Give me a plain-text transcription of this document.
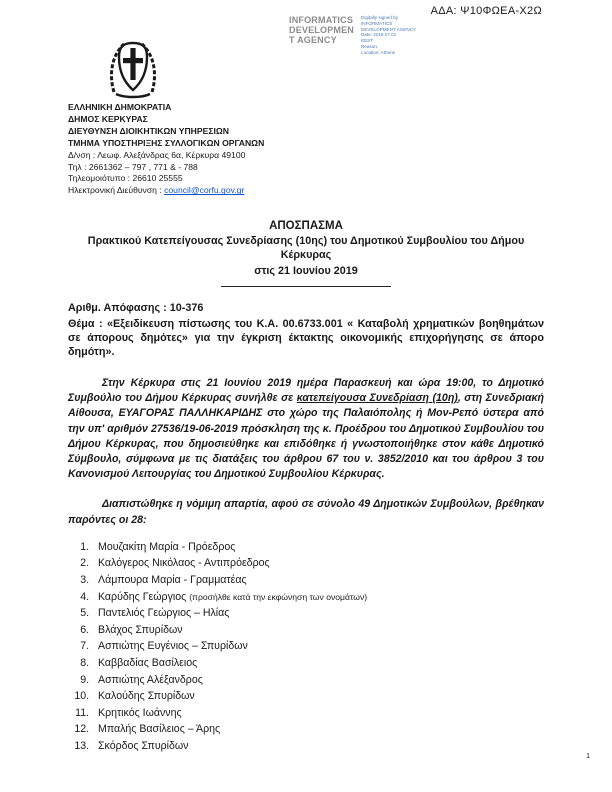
ΑΔΑ: Ψ10ΦΩΕΑ-Χ2Ω
INFORMATICS
DEVELOPMEN
T AGENCY
Digitally signed by
INFORMATICS
DEVELOPMENT AGENCY
Date: 2019.07.01
EEST
Reason:
Location: Athens
ΕΛΛΗΝΙΚΗ ΔΗΜΟΚΡΑΤΙΑ
ΔΗΜΟΣ ΚΕΡΚΥΡΑΣ
ΔΙΕΥΘΥΝΣΗ ΔΙΟΙΚΗΤΙΚΩΝ ΥΠΗΡΕΣΙΩΝ
ΤΜΗΜΑ ΥΠΟΣΤΗΡΙΞΗΣ ΣΥΛΛΟΓΙΚΩΝ ΟΡΓΑΝΩΝ
Δ/νση : Λεωφ. Αλεξάνδρας 6α, Κέρκυρα 49100
Τηλ : 2661362 – 797 , 771 & - 788
Τηλεομοιότυπο : 26610 25555
Ηλεκτρονική Διεύθυνση : council@corfu.gov.gr
ΑΠΟΣΠΑΣΜΑ
Πρακτικού Κατεπείγουσας Συνεδρίασης (10ης) του Δημοτικού Συμβουλίου του Δήμου Κέρκυρας
στις 21 Ιουνίου 2019
Αριθμ. Απόφασης : 10-376
Θέμα : «Εξειδίκευση πίστωσης του Κ.Α. 00.6733.001 « Καταβολή χρηματικών βοηθημάτων σε άπορους δημότες» για την έγκριση έκτακτης οικονομικής επιχορήγησης σε άπορο δημότη».
Στην Κέρκυρα στις 21 Ιουνίου 2019 ημέρα Παρασκευή και ώρα 19:00, το Δημοτικό Συμβούλιο του Δήμου Κέρκυρας συνήλθε σε κατεπείγουσα Συνεδρίαση (10η), στη Συνεδριακή Αίθουσα, ΕΥΑΓΟΡΑΣ ΠΑΛΛΗΚΑΡΙΔΗΣ στο χώρο της Παλαιόπολης ή Μον-Ρεπό ύστερα από την υπ' αριθμόν 27536/19-06-2019 πρόσκληση της κ. Προέδρου του Δημοτικού Συμβουλίου του Δήμου Κέρκυρας, που δημοσιεύθηκε και επιδόθηκε ή γνωστοποιήθηκε στον κάθε Δημοτικό Σύμβουλο, σύμφωνα με τις διατάξεις του άρθρου 67 του ν. 3852/2010 και του άρθρου 3 του Κανονισμού Λειτουργίας του Δημοτικού Συμβουλίου Κέρκυρας.
Διαπιστώθηκε η νόμιμη απαρτία, αφού σε σύνολο 49 Δημοτικών Συμβούλων, βρέθηκαν παρόντες οι 28:
1. Μουζακίτη Μαρία - Πρόεδρος
2. Καλόγερος Νικόλαος - Αντιπρόεδρος
3. Λάμπουρα Μαρία - Γραμματέας
4. Καρύδης Γεώργιος (προσήλθε κατά την εκφώνηση των ονομάτων)
5. Παντελιός Γεώργιος – Ηλίας
6. Βλάχος Σπυρίδων
7. Ασπιώτης Ευγένιος – Σπυρίδων
8. Καββαδίας Βασίλειος
9. Ασπιώτης Αλέξανδρος
10. Καλούδης Σπυρίδων
11. Κρητικός Ιωάννης
12. Μπαλής Βασίλειος – Άρης
13. Σκόρδος Σπυρίδων
1
